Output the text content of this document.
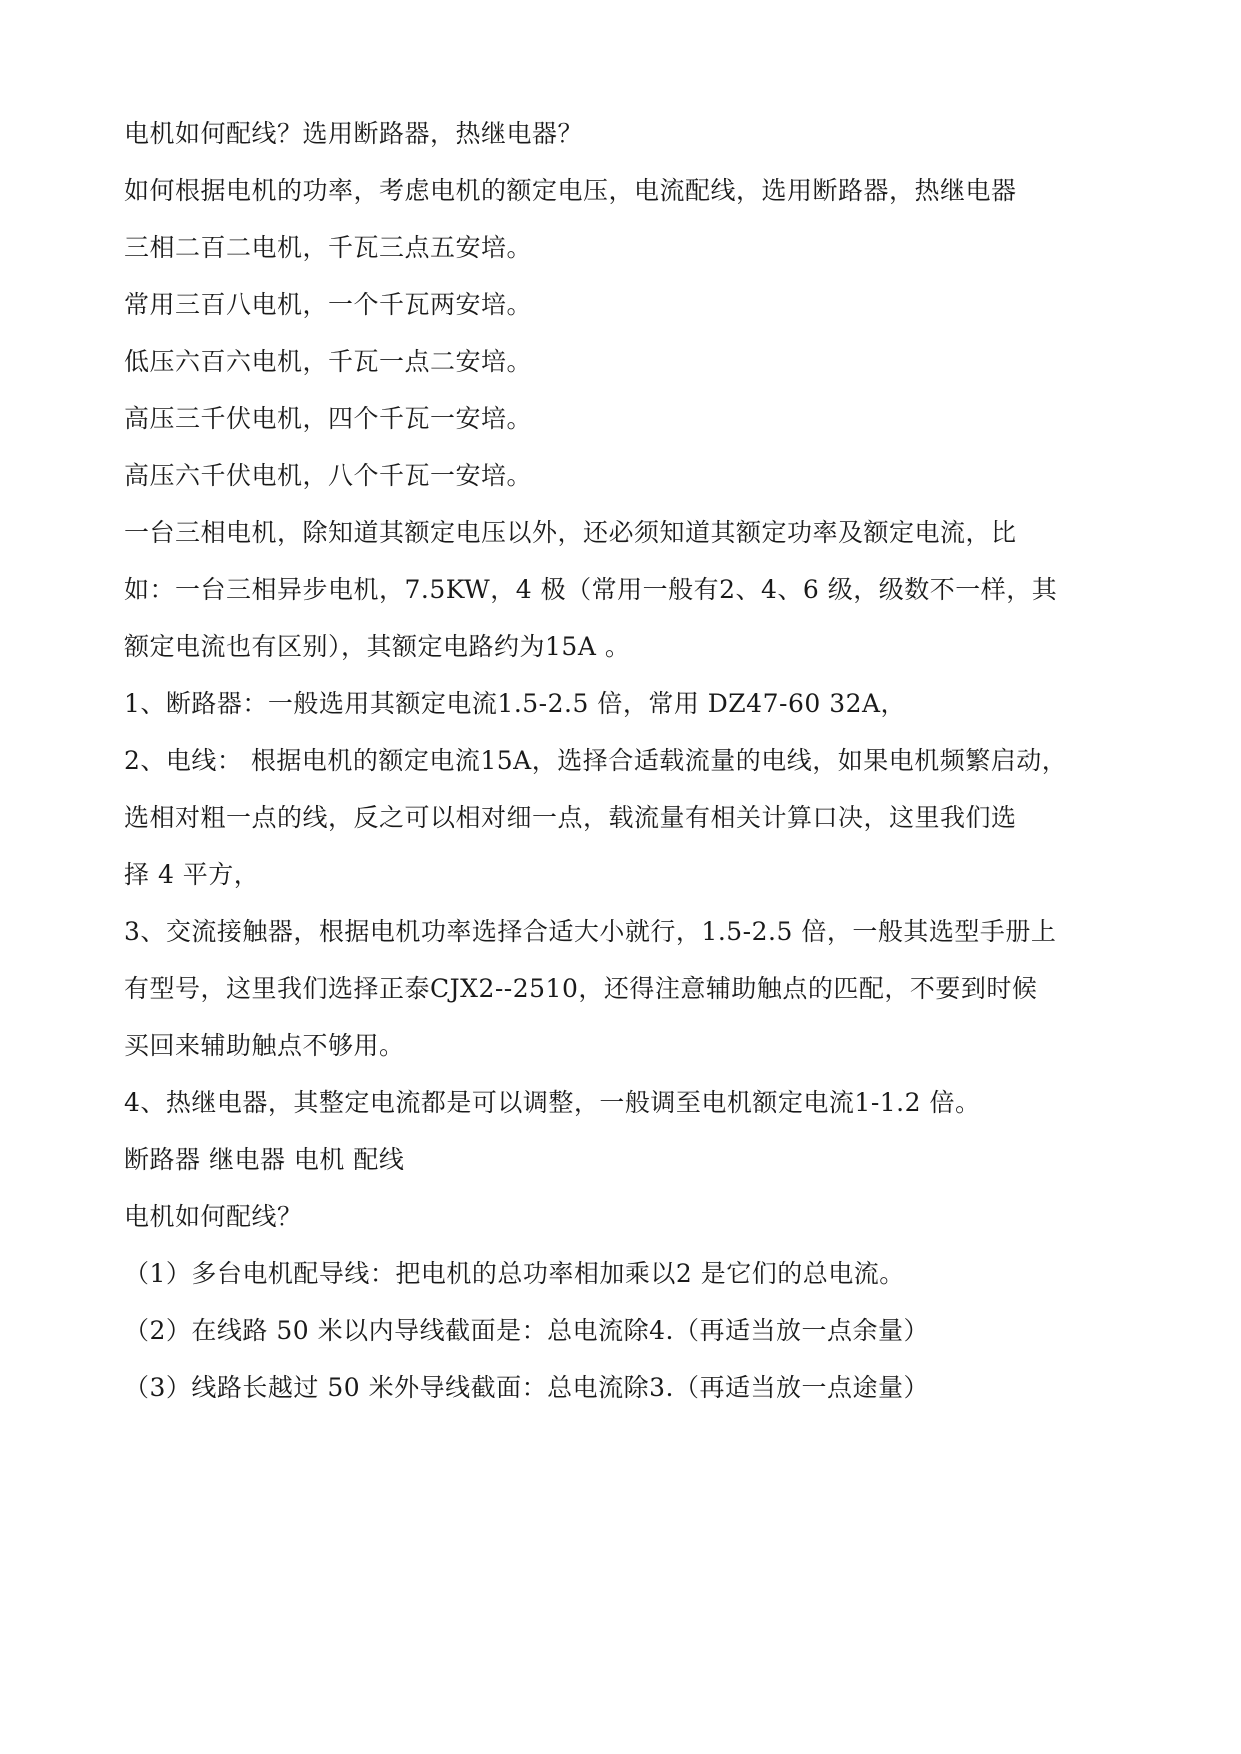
电机如何配线？选用断路器，热继电器？

如何根据电机的功率，考虑电机的额定电压，电流配线，选用断路器，热继电器

三相二百二电机，千瓦三点五安培。

常用三百八电机，一个千瓦两安培。

低压六百六电机，千瓦一点二安培。

高压三千伏电机，四个千瓦一安培。

高压六千伏电机，八个千瓦一安培。

一台三相电机，除知道其额定电压以外，还必须知道其额定功率及额定电流，比

如：一台三相异步电机，7.5KW，4 极（常用一般有2、4、6 级，级数不一样，其

额定电流也有区别），其额定电路约为15A 。

1、断路器：一般选用其额定电流1.5-2.5 倍，常用 DZ47-60 32A，

2、电线： 根据电机的额定电流15A，选择合适载流量的电线，如果电机频繁启动，

选相对粗一点的线，反之可以相对细一点，载流量有相关计算口决，这里我们选

择 4 平方，

3、交流接触器，根据电机功率选择合适大小就行，1.5-2.5 倍，一般其选型手册上

有型号，这里我们选择正泰CJX2--2510，还得注意辅助触点的匹配，不要到时候

买回来辅助触点不够用。

4、热继电器，其整定电流都是可以调整，一般调至电机额定电流1-1.2 倍。

断路器 继电器 电机 配线

电机如何配线？

（1）多台电机配导线：把电机的总功率相加乘以2 是它们的总电流。

（2）在线路 50 米以内导线截面是：总电流除4.（再适当放一点余量）

（3）线路长越过 50 米外导线截面：总电流除3.（再适当放一点途量）
